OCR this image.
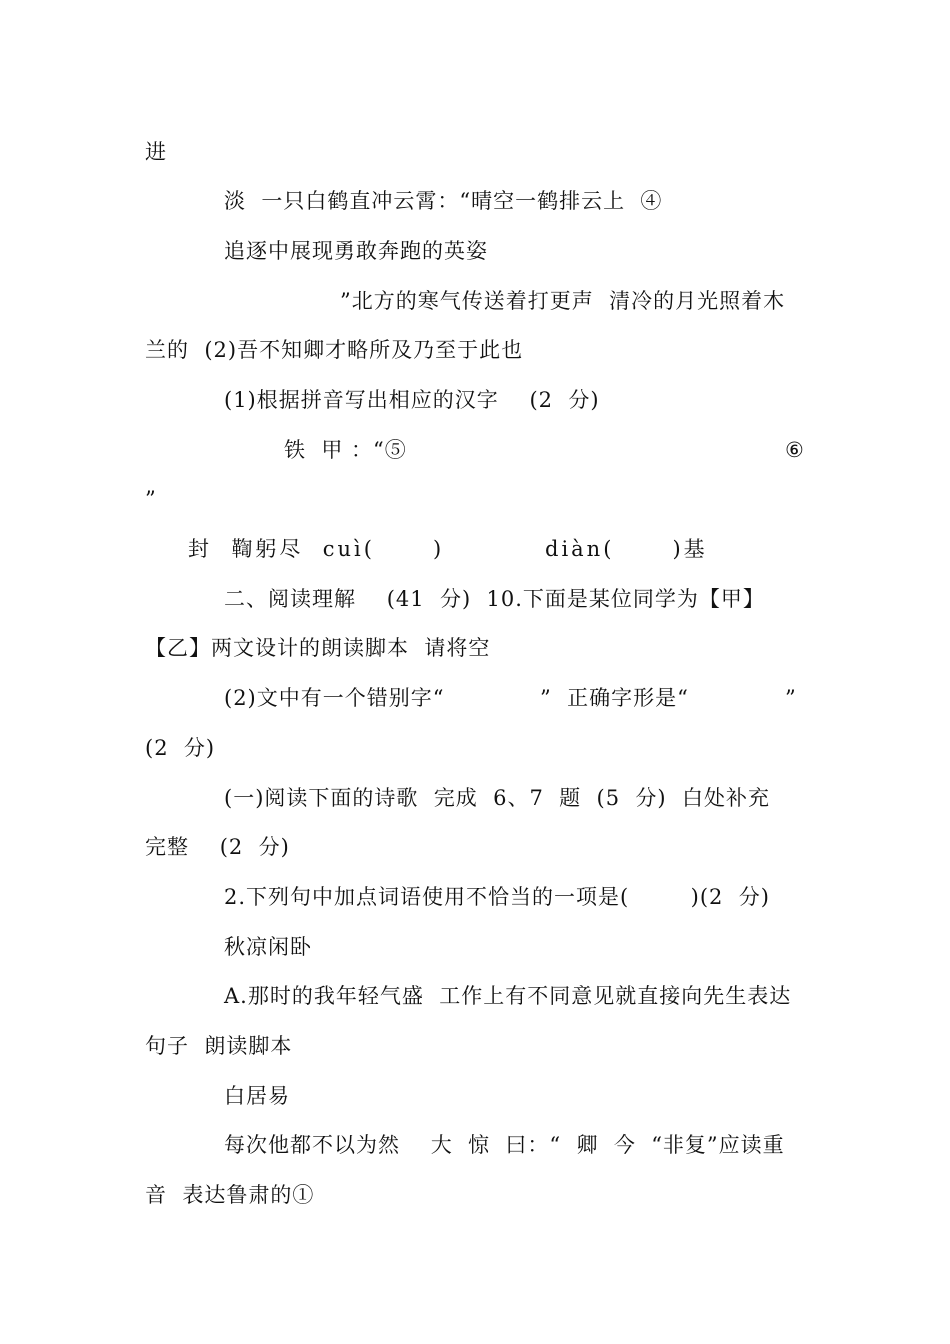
进
淡  一只白鹤直冲云霄：“晴空一鹤排云上  ④
追逐中展现勇敢奔跑的英姿
”北方的寒气传送着打更声  清冷的月光照着木
兰的  (2)吾不知卿才略所及乃至于此也
(1)根据拼音写出相应的汉字    (2  分)
铁  甲 ：“⑤	⑥
”
封  鞫躬尽  cuì(      )	diàn(      )基
二、阅读理解    (41  分)  10.下面是某位同学为【甲】
【乙】两文设计的朗读脚本  请将空
(2)文中有一个错别字“	”  正确字形是“	”
(2  分)
(一)阅读下面的诗歌  完成  6、7  题  (5  分)  白处补充
完整    (2  分)
2.下列句中加点词语使用不恰当的一项是(        )(2  分)
秋凉闲卧
A.那时的我年轻气盛  工作上有不同意见就直接向先生表达
句子  朗读脚本
白居易
每次他都不以为然    大  惊  曰：“  卿  今  “非复”应读重
音  表达鲁肃的①
